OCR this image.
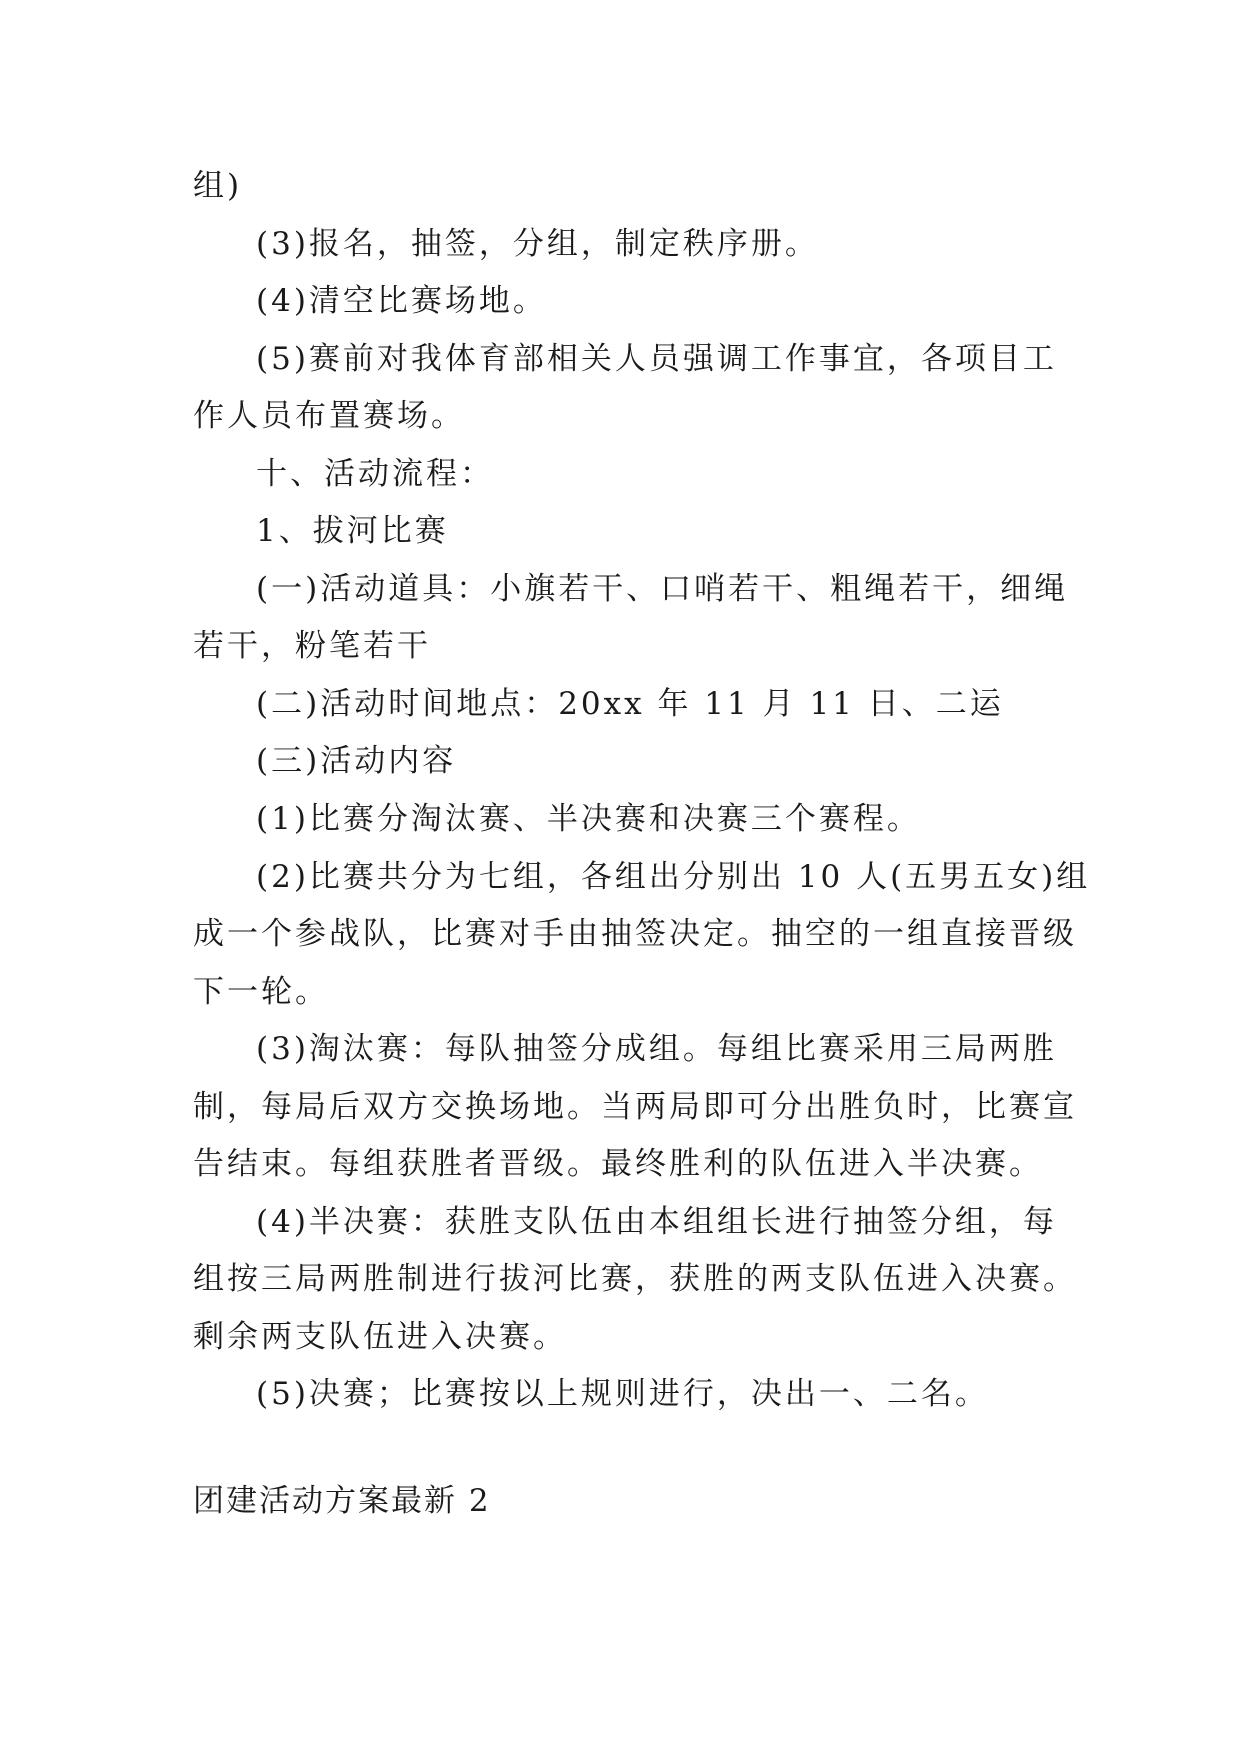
组)
(3)报名，抽签，分组，制定秩序册。
(4)清空比赛场地。
(5)赛前对我体育部相关人员强调工作事宜，各项目工
作人员布置赛场。
十、活动流程：
1、拔河比赛
(一)活动道具：小旗若干、口哨若干、粗绳若干，细绳
若干，粉笔若干
(二)活动时间地点：20xx 年 11 月 11 日、二运
(三)活动内容
(1)比赛分淘汰赛、半决赛和决赛三个赛程。
(2)比赛共分为七组，各组出分别出 10 人(五男五女)组
成一个参战队，比赛对手由抽签决定。抽空的一组直接晋级
下一轮。
(3)淘汰赛：每队抽签分成组。每组比赛采用三局两胜
制，每局后双方交换场地。当两局即可分出胜负时，比赛宣
告结束。每组获胜者晋级。最终胜利的队伍进入半决赛。
(4)半决赛：获胜支队伍由本组组长进行抽签分组，每
组按三局两胜制进行拔河比赛，获胜的两支队伍进入决赛。
剩余两支队伍进入决赛。
(5)决赛；比赛按以上规则进行，决出一、二名。
团建活动方案最新 2
